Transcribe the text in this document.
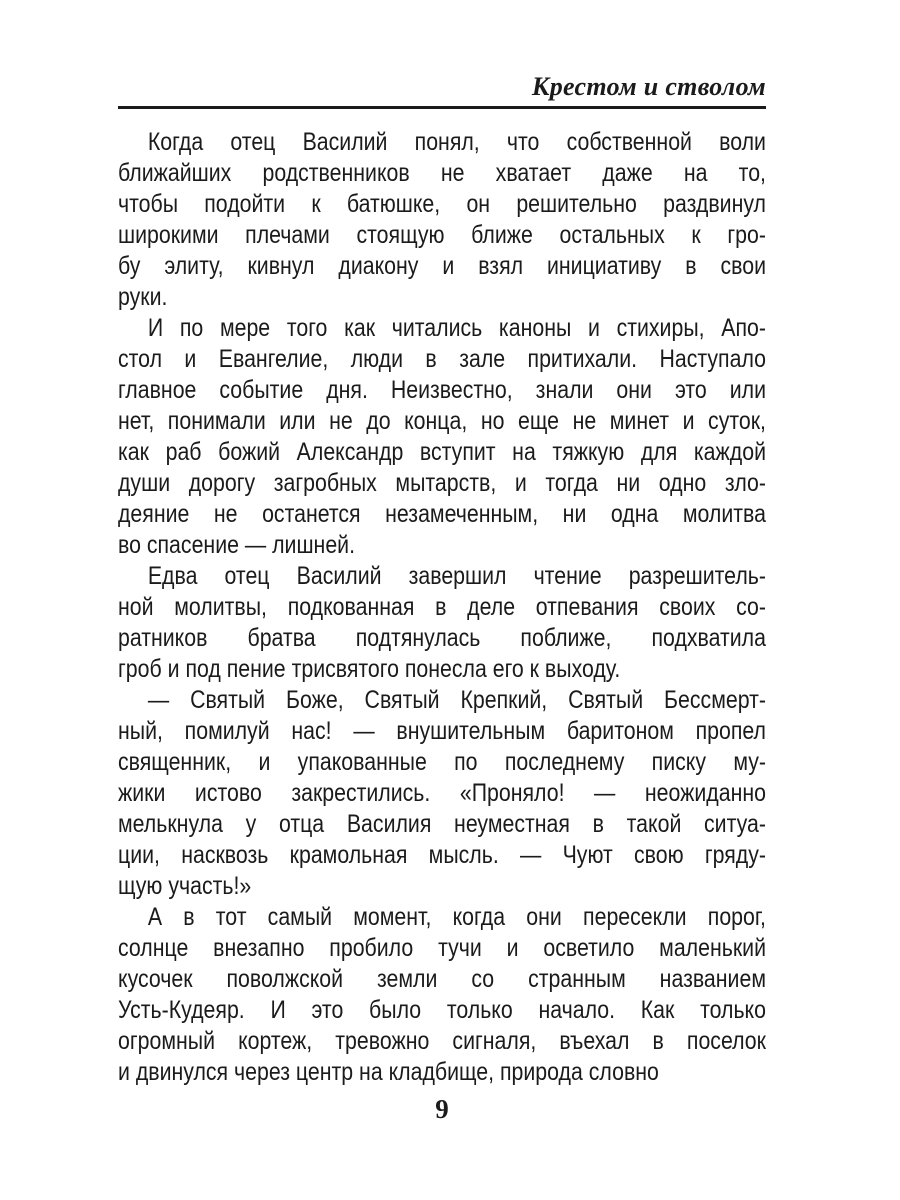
Крестом и стволом
Когда отец Василий понял, что собственной воли
ближайших родственников не хватает даже на то,
чтобы подойти к батюшке, он решительно раздвинул
широкими плечами стоящую ближе остальных к гро-
бу элиту, кивнул диакону и взял инициативу в свои
руки.
И по мере того как читались каноны и стихиры, Апо-
стол и Евангелие, люди в зале притихали. Наступало
главное событие дня. Неизвестно, знали они это или
нет, понимали или не до конца, но еще не минет и суток,
как раб божий Александр вступит на тяжкую для каждой
души дорогу загробных мытарств, и тогда ни одно зло-
деяние не останется незамеченным, ни одна молитва
во спасение — лишней.
Едва отец Василий завершил чтение разрешитель-
ной молитвы, подкованная в деле отпевания своих со-
ратников братва подтянулась поближе, подхватила
гроб и под пение трисвятого понесла его к выходу.
— Святый Боже, Святый Крепкий, Святый Бессмерт-
ный, помилуй нас! — внушительным баритоном пропел
священник, и упакованные по последнему писку му-
жики истово закрестились. «Проняло! — неожиданно
мелькнула у отца Василия неуместная в такой ситуа-
ции, насквозь крамольная мысль. — Чуют свою гряду-
щую участь!»
А в тот самый момент, когда они пересекли порог,
солнце внезапно пробило тучи и осветило маленький
кусочек поволжской земли со странным названием
Усть-Кудеяр. И это было только начало. Как только
огромный кортеж, тревожно сигналя, въехал в поселок
и двинулся через центр на кладбище, природа словно
9
